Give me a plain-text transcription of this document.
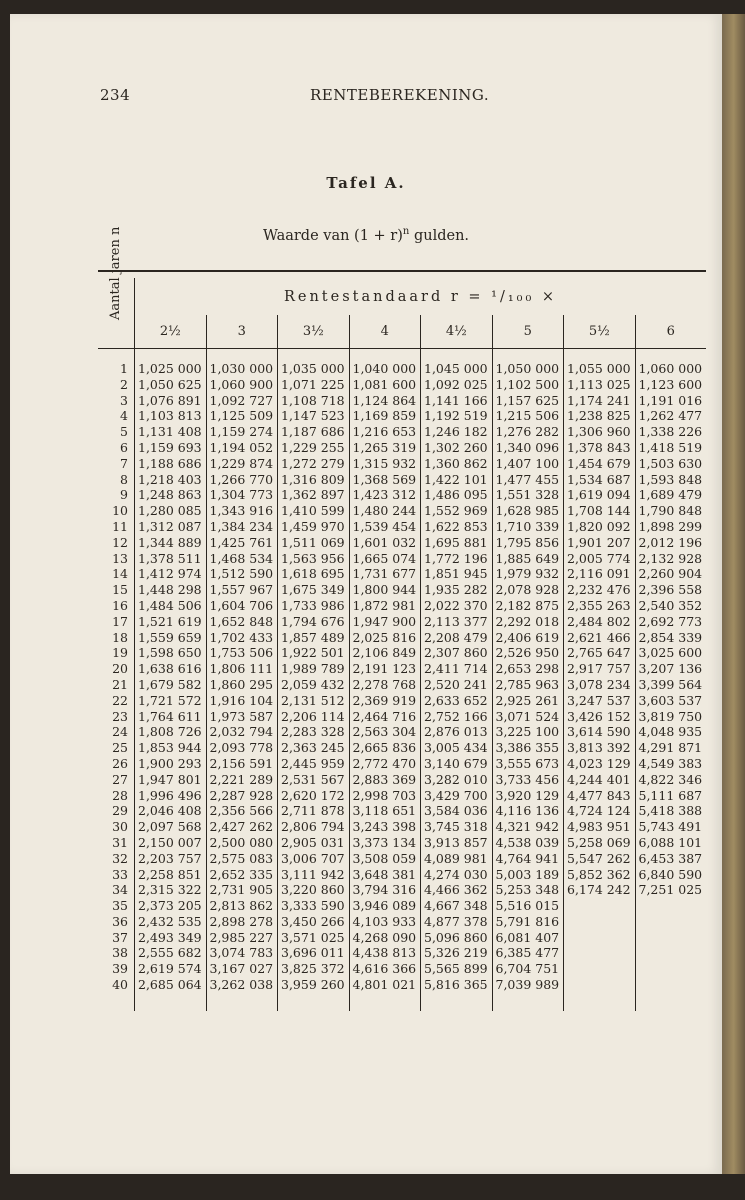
234	RENTEBEREKENING.
Tafel A.
Waarde van $(1 + r)^n$ gulden.

Aantal jaren n	Rentestandaard r = ¹/₁₀₀ ×							
	2½	3	3½	4	4½	5	5½	6

1	1,025 000	1,030 000	1,035 000	1,040 000	1,045 000	1,050 000	1,055 000	1,060 000
2	1,050 625	1,060 900	1,071 225	1,081 600	1,092 025	1,102 500	1,113 025	1,123 600
3	1,076 891	1,092 727	1,108 718	1,124 864	1,141 166	1,157 625	1,174 241	1,191 016
4	1,103 813	1,125 509	1,147 523	1,169 859	1,192 519	1,215 506	1,238 825	1,262 477
5	1,131 408	1,159 274	1,187 686	1,216 653	1,246 182	1,276 282	1,306 960	1,338 226
6	1,159 693	1,194 052	1,229 255	1,265 319	1,302 260	1,340 096	1,378 843	1,418 519
7	1,188 686	1,229 874	1,272 279	1,315 932	1,360 862	1,407 100	1,454 679	1,503 630
8	1,218 403	1,266 770	1,316 809	1,368 569	1,422 101	1,477 455	1,534 687	1,593 848
9	1,248 863	1,304 773	1,362 897	1,423 312	1,486 095	1,551 328	1,619 094	1,689 479
10	1,280 085	1,343 916	1,410 599	1,480 244	1,552 969	1,628 985	1,708 144	1,790 848
11	1,312 087	1,384 234	1,459 970	1,539 454	1,622 853	1,710 339	1,820 092	1,898 299
12	1,344 889	1,425 761	1,511 069	1,601 032	1,695 881	1,795 856	1,901 207	2,012 196
13	1,378 511	1,468 534	1,563 956	1,665 074	1,772 196	1,885 649	2,005 774	2,132 928
14	1,412 974	1,512 590	1,618 695	1,731 677	1,851 945	1,979 932	2,116 091	2,260 904
15	1,448 298	1,557 967	1,675 349	1,800 944	1,935 282	2,078 928	2,232 476	2,396 558
16	1,484 506	1,604 706	1,733 986	1,872 981	2,022 370	2,182 875	2,355 263	2,540 352
17	1,521 619	1,652 848	1,794 676	1,947 900	2,113 377	2,292 018	2,484 802	2,692 773
18	1,559 659	1,702 433	1,857 489	2,025 816	2,208 479	2,406 619	2,621 466	2,854 339
19	1,598 650	1,753 506	1,922 501	2,106 849	2,307 860	2,526 950	2,765 647	3,025 600
20	1,638 616	1,806 111	1,989 789	2,191 123	2,411 714	2,653 298	2,917 757	3,207 136
21	1,679 582	1,860 295	2,059 432	2,278 768	2,520 241	2,785 963	3,078 234	3,399 564
22	1,721 572	1,916 104	2,131 512	2,369 919	2,633 652	2,925 261	3,247 537	3,603 537
23	1,764 611	1,973 587	2,206 114	2,464 716	2,752 166	3,071 524	3,426 152	3,819 750
24	1,808 726	2,032 794	2,283 328	2,563 304	2,876 013	3,225 100	3,614 590	4,048 935
25	1,853 944	2,093 778	2,363 245	2,665 836	3,005 434	3,386 355	3,813 392	4,291 871
26	1,900 293	2,156 591	2,445 959	2,772 470	3,140 679	3,555 673	4,023 129	4,549 383
27	1,947 801	2,221 289	2,531 567	2,883 369	3,282 010	3,733 456	4,244 401	4,822 346
28	1,996 496	2,287 928	2,620 172	2,998 703	3,429 700	3,920 129	4,477 843	5,111 687
29	2,046 408	2,356 566	2,711 878	3,118 651	3,584 036	4,116 136	4,724 124	5,418 388
30	2,097 568	2,427 262	2,806 794	3,243 398	3,745 318	4,321 942	4,983 951	5,743 491
31	2,150 007	2,500 080	2,905 031	3,373 134	3,913 857	4,538 039	5,258 069	6,088 101
32	2,203 757	2,575 083	3,006 707	3,508 059	4,089 981	4,764 941	5,547 262	6,453 387
33	2,258 851	2,652 335	3,111 942	3,648 381	4,274 030	5,003 189	5,852 362	6,840 590
34	2,315 322	2,731 905	3,220 860	3,794 316	4,466 362	5,253 348	6,174 242	7,251 025
35	2,373 205	2,813 862	3,333 590	3,946 089	4,667 348	5,516 015		
36	2,432 535	2,898 278	3,450 266	4,103 933	4,877 378	5,791 816		
37	2,493 349	2,985 227	3,571 025	4,268 090	5,096 860	6,081 407		
38	2,555 682	3,074 783	3,696 011	4,438 813	5,326 219	6,385 477		
39	2,619 574	3,167 027	3,825 372	4,616 366	5,565 899	6,704 751		
40	2,685 064	3,262 038	3,959 260	4,801 021	5,816 365	7,039 989		
